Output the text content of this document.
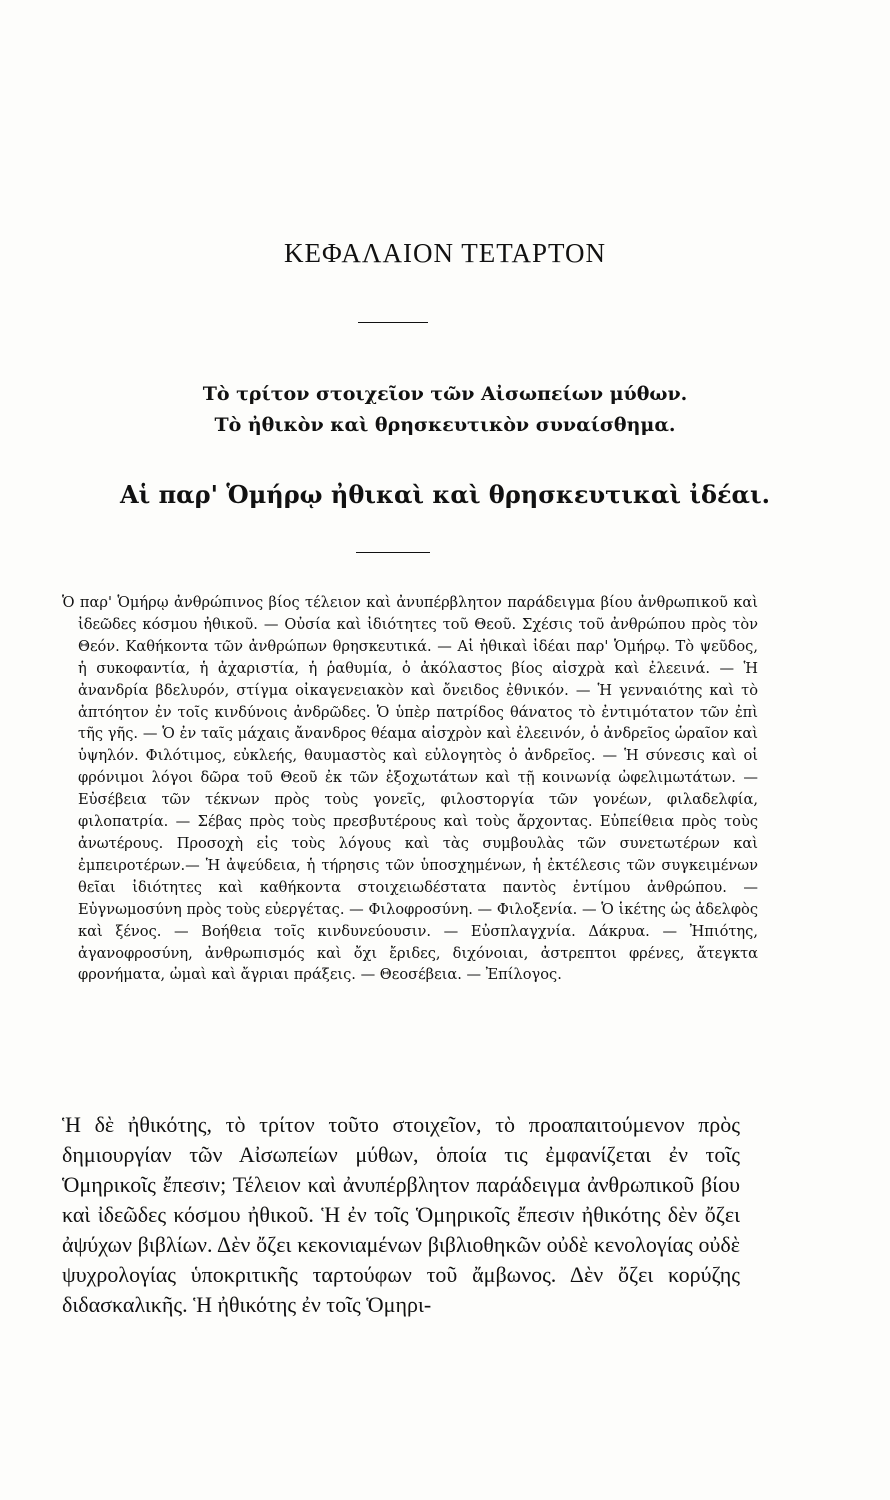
ΚΕΦΑΛΑΙΟΝ ΤΕΤΑΡΤΟΝ
Τὸ τρίτον στοιχεῖον τῶν Αἰσωπείων μύθων.
Τὸ ἠθικὸν καὶ θρησκευτικὸν συναίσθημα.
Αἱ παρ' Ὁμήρῳ ἠθικαὶ καὶ θρησκευτικαὶ ἰδέαι.
Ὁ παρ' Ὁμήρῳ ἀνθρώπινος βίος τέλειον καὶ ἀνυπέρβλητον παράδειγμα βίου ἀνθρωπικοῦ καὶ ἰδεῶδες κόσμου ἠθικοῦ. — Οὐσία καὶ ἰδιότητες τοῦ Θεοῦ. Σχέσις τοῦ ἀνθρώπου πρὸς τὸν Θεόν. Καθήκοντα τῶν ἀνθρώπων θρησκευτικά. — Αἱ ἠθικαὶ ἰδέαι παρ' Ὁμήρῳ. Τὸ ψεῦδος, ἡ συκοφαντία, ἡ ἀχαριστία, ἡ ῥαθυμία, ὁ ἀκόλαστος βίος αἰσχρὰ καὶ ἐλεεινά. — Ἡ ἀνανδρία βδελυρόν, στίγμα οἰκαγενειακὸν καὶ ὄνειδος ἐθνικόν. — Ἡ γενναιότης καὶ τὸ ἀπτόητον ἐν τοῖς κινδύνοις ἀνδρῶδες. Ὁ ὑπὲρ πατρίδος θάνατος τὸ ἐντιμότατον τῶν ἐπὶ τῆς γῆς. — Ὁ ἐν ταῖς μάχαις ἄνανδρος θέαμα αἰσχρὸν καὶ ἐλεεινόν, ὁ ἀνδρεῖος ὡραῖον καὶ ὑψηλόν. Φιλότιμος, εὐκλεής, θαυμαστὸς καὶ εὐλογητὸς ὁ ἀνδρεῖος. — Ἡ σύνεσις καὶ οἱ φρόνιμοι λόγοι δῶρα τοῦ Θεοῦ ἐκ τῶν ἐξοχωτάτων καὶ τῇ κοινωνίᾳ ὠφελιμωτάτων. — Εὐσέβεια τῶν τέκνων πρὸς τοὺς γονεῖς, φιλοστοργία τῶν γονέων, φιλαδελφία, φιλοπατρία. — Σέβας πρὸς τοὺς πρεσβυτέρους καὶ τοὺς ἄρχοντας. Εὐπείθεια πρὸς τοὺς ἀνωτέρους. Προσοχὴ εἰς τοὺς λόγους καὶ τὰς συμβουλὰς τῶν συνετωτέρων καὶ ἐμπειροτέρων.— Ἡ ἀψεύδεια, ἡ τήρησις τῶν ὑποσχημένων, ἡ ἐκτέλεσις τῶν συγκειμένων θεῖαι ἰδιότητες καὶ καθήκοντα στοιχειωδέστατα παντὸς ἐντίμου ἀνθρώπου. — Εὐγνωμοσύνη πρὸς τοὺς εὐεργέτας. — Φιλοφροσύνη. — Φιλοξενία. — Ὁ ἱκέτης ὡς ἀδελφὸς καὶ ξένος. — Βοήθεια τοῖς κινδυνεύουσιν. — Εὐσπλαγχνία. Δάκρυα. — Ἠπιότης, ἀγανοφροσύνη, ἀνθρωπισμός καὶ ὄχι ἔριδες, διχόνοιαι, ἀστρεπτοι φρένες, ἄτεγκτα φρονήματα, ὠμαὶ καὶ ἄγριαι πράξεις. — Θεοσέβεια. — Ἐπίλογος.
Ἡ δὲ ἠθικότης, τὸ τρίτον τοῦτο στοιχεῖον, τὸ προαπαιτούμενον πρὸς δημιουργίαν τῶν Αἰσωπείων μύθων, ὁποία τις ἐμφανίζεται ἐν τοῖς Ὁμηρικοῖς ἔπεσιν; Τέλειον καὶ ἀνυπέρβλητον παράδειγμα ἀνθρωπικοῦ βίου καὶ ἰδεῶδες κόσμου ἠθικοῦ. Ἡ ἐν τοῖς Ὁμηρικοῖς ἔπεσιν ἠθικότης δὲν ὄζει ἀψύχων βιβλίων. Δὲν ὄζει κεκονιαμένων βιβλιοθηκῶν οὐδὲ κενολογίας οὐδὲ ψυχρολογίας ὑποκριτικῆς ταρτούφων τοῦ ἄμβωνος. Δὲν ὄζει κορύζης διδασκαλικῆς. Ἡ ἠθικότης ἐν τοῖς Ὁμηρι-
